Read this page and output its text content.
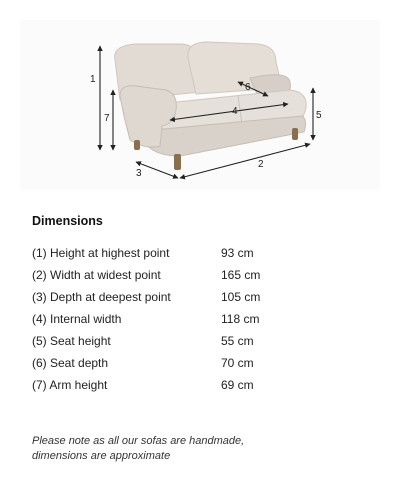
1
7
6
4	5
2
3
Dimensions
(1) Height at highest point	93 cm
(2) Width at widest point	165 cm
(3) Depth at deepest point	105 cm
(4) Internal width	118 cm
(5) Seat height	55 cm
(6) Seat depth	70 cm
(7) Arm height	69 cm
Please note as all our sofas are handmade,
dimensions are approximate
